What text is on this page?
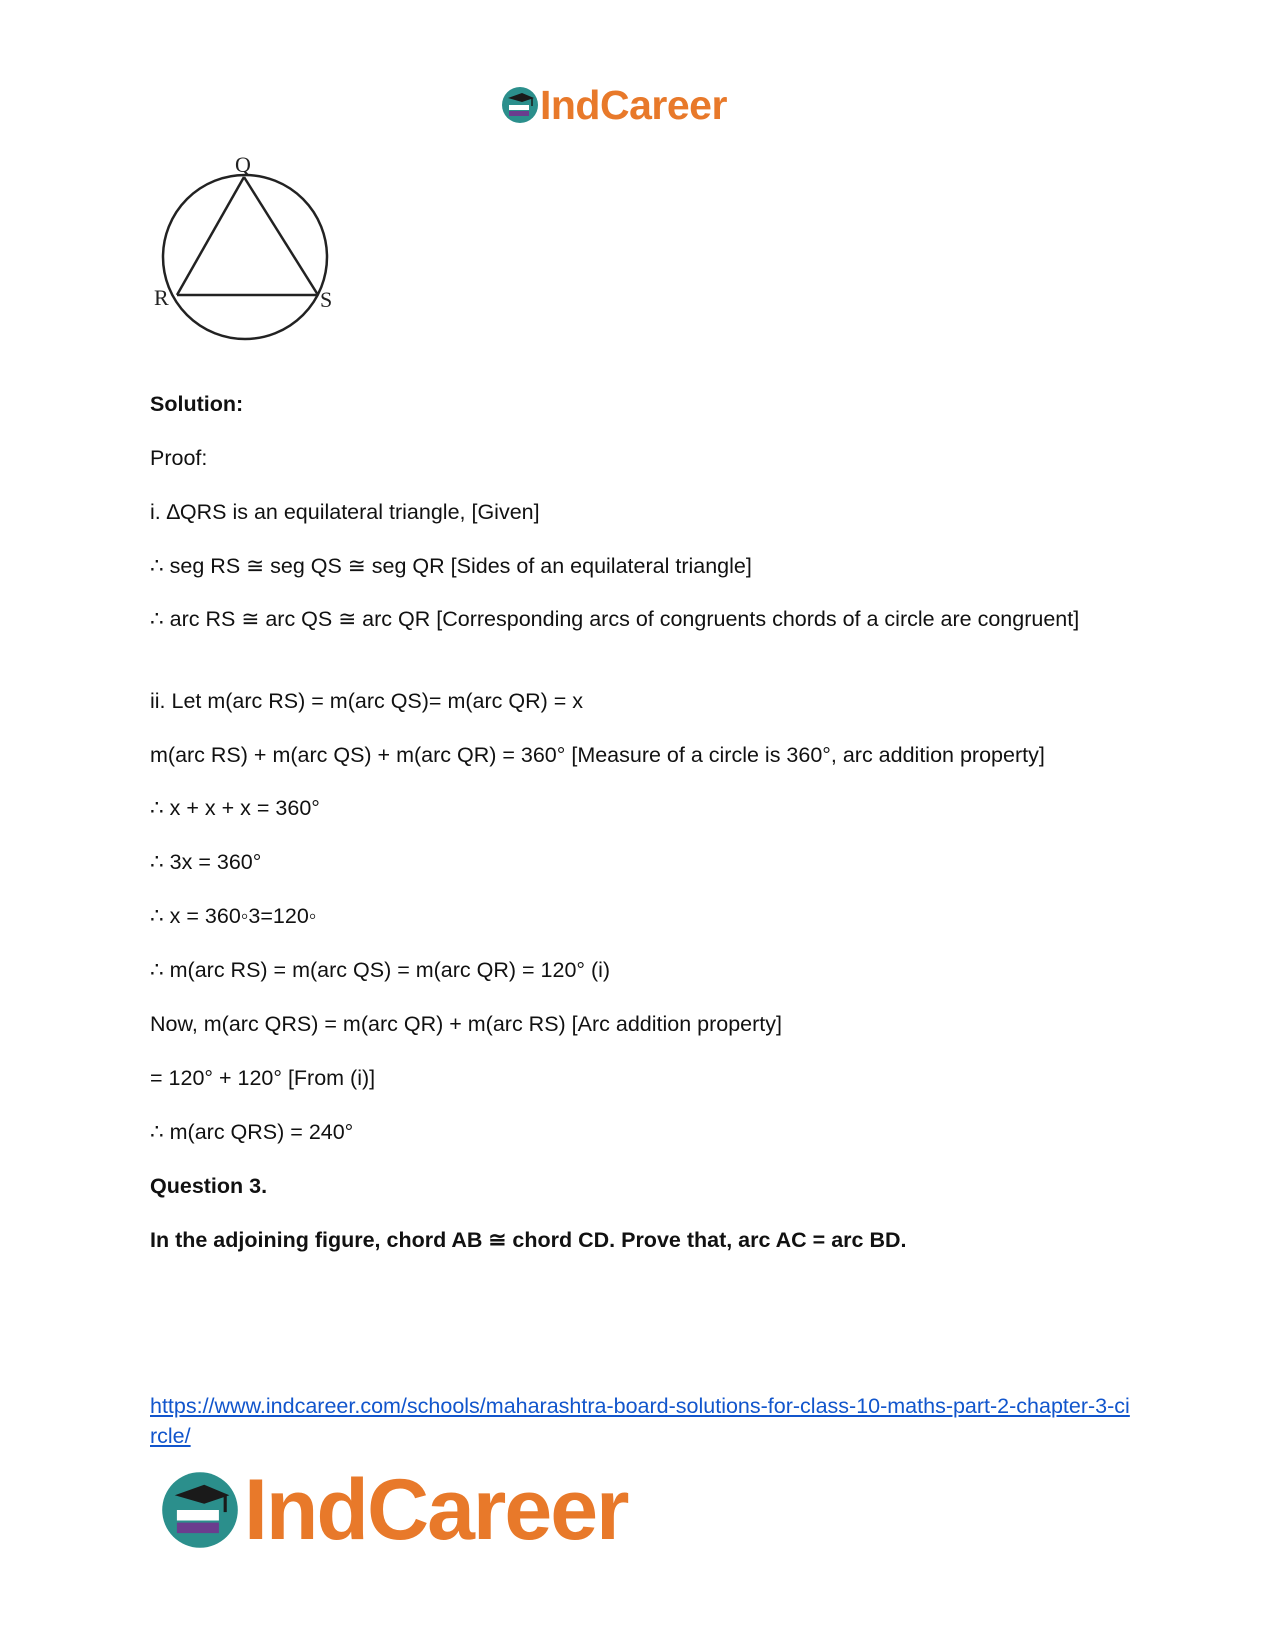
IndCareer
Q
R	S
Solution:
Proof:
i. ∆QRS is an equilateral triangle, [Given]
∴ seg RS ≅ seg QS ≅ seg QR [Sides of an equilateral triangle]
∴ arc RS ≅ arc QS ≅ arc QR [Corresponding arcs of congruents chords of a circle are congruent]
ii. Let m(arc RS) = m(arc QS)= m(arc QR) = x
m(arc RS) + m(arc QS) + m(arc QR) = 360° [Measure of a circle is 360°, arc addition property]
∴ x + x + x = 360°
∴ 3x = 360°
∴ x = 360◦3=120◦
∴ m(arc RS) = m(arc QS) = m(arc QR) = 120° (i)
Now, m(arc QRS) = m(arc QR) + m(arc RS) [Arc addition property]
= 120° + 120° [From (i)]
∴ m(arc QRS) = 240°
Question 3.
In the adjoining figure, chord AB ≅ chord CD. Prove that, arc AC = arc BD.
https://www.indcareer.com/schools/maharashtra-board-solutions-for-class-10-maths-part-2-chapter-3-circle/
IndCareer
